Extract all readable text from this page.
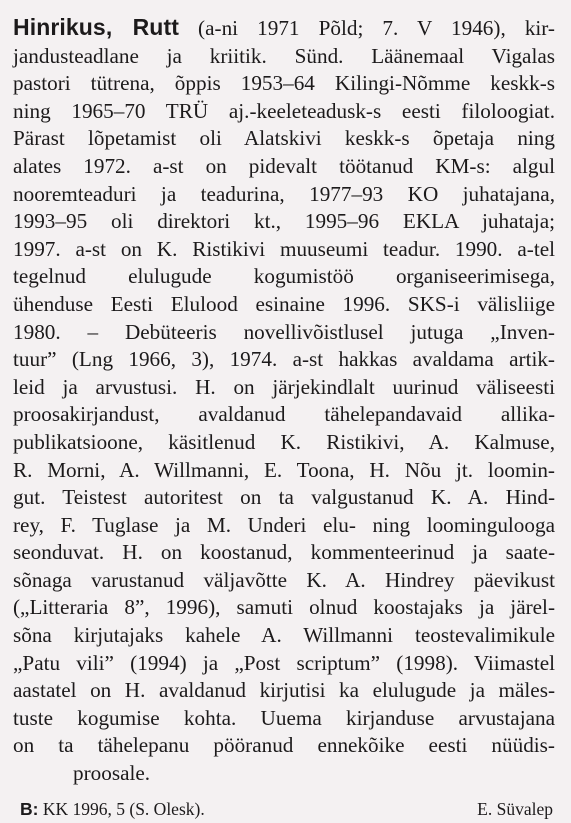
Hinrikus, Rutt (a-ni 1971 Põld; 7. V 1946), kir-
jandusteadlane ja kriitik. Sünd. Läänemaal Vigalas
pastori tütrena, õppis 1953–64 Kilingi-Nõmme keskk-s
ning 1965–70 TRÜ aj.-keeleteadusk-s eesti filoloogiat.
Pärast lõpetamist oli Alatskivi keskk-s õpetaja ning
alates 1972. a-st on pidevalt töötanud KM-s: algul
nooremteaduri ja teadurina, 1977–93 KO juhatajana,
1993–95 oli direktori kt., 1995–96 EKLA juhataja;
1997. a-st on K. Ristikivi muuseumi teadur. 1990. a-tel
tegelnud elulugude kogumistöö organiseerimisega,
ühenduse Eesti Elulood esinaine 1996. SKS-i välisliige
1980. – Debüteeris novellivõistlusel jutuga „Inven-
tuur” (Lng 1966, 3), 1974. a-st hakkas avaldama artik-
leid ja arvustusi. H. on järjekindlalt uurinud väliseesti
proosakirjandust, avaldanud tähelepandavaid allika-
publikatsioone, käsitlenud K. Ristikivi, A. Kalmuse,
R. Morni, A. Willmanni, E. Toona, H. Nõu jt. loomin-
gut. Teistest autoritest on ta valgustanud K. A. Hind-
rey, F. Tuglase ja M. Underi elu- ning loomingulooga
seonduvat. H. on koostanud, kommenteerinud ja saate-
sõnaga varustanud väljavõtte K. A. Hindrey päevikust
(„Litteraria 8”, 1996), samuti olnud koostajaks ja järel-
sõna kirjutajaks kahele A. Willmanni teostevalimikule
„Patu vili” (1994) ja „Post scriptum” (1998). Viimastel
aastatel on H. avaldanud kirjutisi ka elulugude ja mäles-
tuste kogumise kohta. Uuema kirjanduse arvustajana
on ta tähelepanu pööranud ennekõike eesti nüüdis-
proosale.
B: KK 1996, 5 (S. Olesk).	E. Süvalep
